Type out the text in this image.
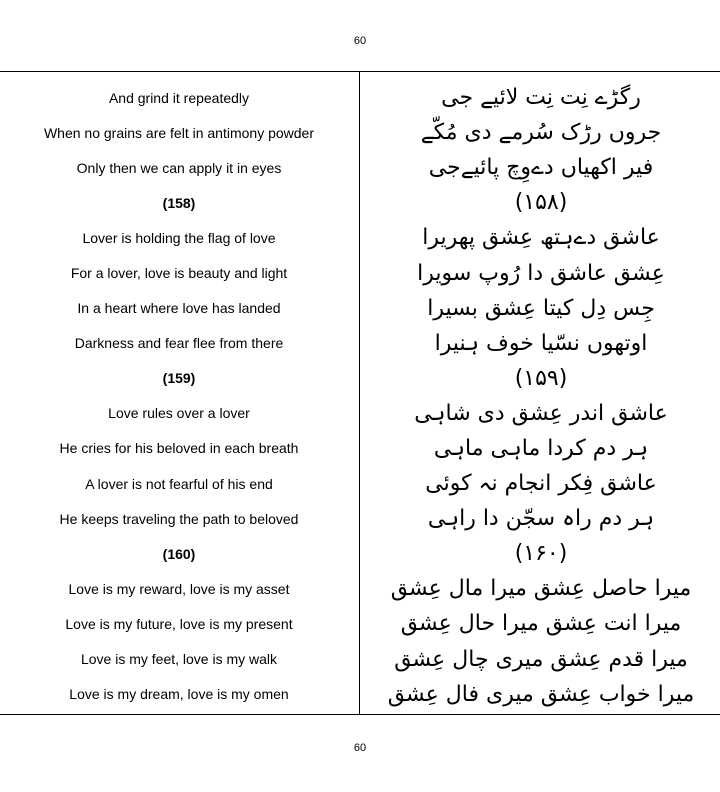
60
And grind it repeatedly
When no grains are felt in antimony powder
Only then we can apply it in eyes
(158)
Lover is holding the flag of love
For a lover, love is beauty and light
In a heart where love has landed
Darkness and fear flee from there
(159)
Love rules over a lover
He cries for his beloved in each breath
A lover is not fearful of his end
He keeps traveling the path to beloved
(160)
Love is my reward, love is my asset
Love is my future, love is my present
Love is my feet, love is my walk
Love is my dream, love is my omen
رگڑے نِت نِت لائیے جی
جروں رڑک سُرمے دی مُکّے
فیر اکھیاں دےوِچ پائیےجی
(۱۵۸)
عاشق دےہتھ عِشق پھریرا
عِشق عاشق دا رُوپ سویرا
جِس دِل کیتا عِشق بسیرا
اوتھوں نسّیا خوف ہنیرا
(۱۵۹)
عاشق اندر عِشق دی شاہی
ہر دم کردا ماہی ماہی
عاشق فِکر انجام نہ کوئی
ہر دم راہ سجّن دا راہی
(۱۶۰)
میرا حاصل عِشق میرا مال عِشق
میرا انت عِشق میرا حال عِشق
میرا قدم عِشق میری چال عِشق
میرا خواب عِشق میری فال عِشق
60
